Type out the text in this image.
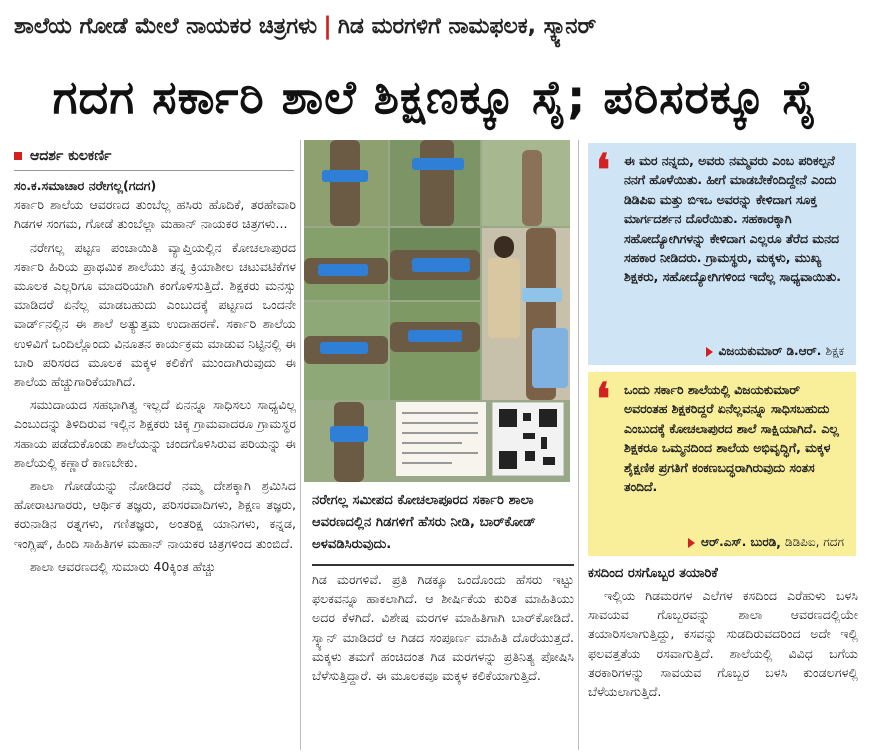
ಶಾಲೆಯ ಗೋಡೆ ಮೇಲೆ ನಾಯಕರ ಚಿತ್ರಗಳು | ಗಿಡ ಮರಗಳಿಗೆ ನಾಮಫಲಕ, ಸ್ಕ್ಯಾನರ್
ಗದಗ ಸರ್ಕಾರಿ ಶಾಲೆ ಶಿಕ್ಷಣಕ್ಕೂ ಸೈ; ಪರಿಸರಕ್ಕೂ ಸೈ
ಆದರ್ಶ ಕುಲಕರ್ಣಿ

ಸಂ.ಕ.ಸಮಾಚಾರ ನರೇಗಲ್ಲ(ಗದಗ)

ಸರ್ಕಾರಿ ಶಾಲೆಯ ಆವರಣದ ತುಂಬೆಲ್ಲ ಹಸಿರು ಹೊದಿಕೆ, ತರಹೇವಾರಿ ಗಿಡಗಳ ಸಂಗಮ, ಗೋಡೆ ತುಂಬೆಲ್ಲಾ ಮಹಾನ್ ನಾಯಕರ ಚಿತ್ರಗಳು...

ನರೇಗಲ್ಲ ಪಟ್ಟಣ ಪಂಚಾಯಿತಿ ವ್ಯಾಪ್ತಿಯಲ್ಲಿನ ಕೋಚಲಾಪುರದ ಸರ್ಕಾರಿ ಹಿರಿಯ ಪ್ರಾಥಮಿಕ ಶಾಲೆಯು ತನ್ನ ಕ್ರಿಯಾಶೀಲ ಚಟುವಟಿಕೆಗಳ ಮೂಲಕ ಎಲ್ಲರಿಗೂ ಮಾದರಿಯಾಗಿ ಕಂಗೊಳಿಸುತ್ತಿದೆ. ಶಿಕ್ಷಕರು ಮನಸ್ಸು ಮಾಡಿದರೆ ಏನೆಲ್ಲ ಮಾಡಬಹುದು ಎಂಬುದಕ್ಕೆ ಪಟ್ಟಣದ ಒಂದನೇ ವಾರ್ಡ್‌ನಲ್ಲಿನ ಈ ಶಾಲೆ ಅತ್ಯುತ್ತಮ ಉದಾಹರಣೆ. ಸರ್ಕಾರಿ ಶಾಲೆಯ ಉಳಿವಿಗೆ ಒಂದಿಲ್ಲೊಂದು ವಿನೂತನ ಕಾರ್ಯಕ್ರಮ ಮಾಡುವ ನಿಟ್ಟಿನಲ್ಲಿ ಈ ಬಾರಿ ಪರಿಸರದ ಮೂಲಕ ಮಕ್ಕಳ ಕಲಿಕೆಗೆ ಮುಂದಾಗಿರುವುದು ಈ ಶಾಲೆಯ ಹೆಚ್ಚುಗಾರಿಕೆಯಾಗಿದೆ.

ಸಮುದಾಯದ ಸಹಭಾಗಿತ್ವ ಇಲ್ಲದೆ ಏನನ್ನೂ ಸಾಧಿಸಲು ಸಾಧ್ಯವಿಲ್ಲ ಎಂಬುದನ್ನು ತಿಳಿದಿರುವ ಇಲ್ಲಿನ ಶಿಕ್ಷಕರು ಚಿಕ್ಕ ಗ್ರಾಮವಾದರೂ ಗ್ರಾಮಸ್ಥರ ಸಹಾಯ ಪಡೆದುಕೊಂಡು ಶಾಲೆಯನ್ನು ಚಂದಗೊಳಿಸಿರುವ ಪರಿಯನ್ನು ಈ ಶಾಲೆಯಲ್ಲಿ ಕಣ್ಣಾರೆ ಕಾಣಬೇಕು.

ಶಾಲಾ ಗೋಡೆಯನ್ನು ನೋಡಿದರೆ ನಮ್ಮ ದೇಶಕ್ಕಾಗಿ ಶ್ರಮಿಸಿದ ಹೋರಾಟಗಾರರು, ಆರ್ಥಿಕ ತಜ್ಞರು, ಪರಿಸರವಾದಿಗಳು, ಶಿಕ್ಷಣ ತಜ್ಞರು, ಕರುನಾಡಿನ ರತ್ನಗಳು, ಗಣಿತಜ್ಞರು, ಅಂತರಿಕ್ಷ ಯಾನಿಗಳು, ಕನ್ನಡ, ಇಂಗ್ಲಿಷ್, ಹಿಂದಿ ಸಾಹಿತಿಗಳ ಮಹಾನ್ ನಾಯಕರ ಚಿತ್ರಗಳಿಂದ ತುಂಬಿದೆ.

ಶಾಲಾ ಆವರಣದಲ್ಲಿ ಸುಮಾರು 40ಕ್ಕಿಂತ ಹೆಚ್ಚು

ನರೇಗಲ್ಲ ಸಮೀಪದ ಕೋಚಲಾಪೂರದ ಸರ್ಕಾರಿ ಶಾಲಾ ಆವರಣದಲ್ಲಿನ ಗಿಡಗಳಿಗೆ ಹೆಸರು ನೀಡಿ, ಬಾರ್‌ಕೋಡ್ ಅಳವಡಿಸಿರುವುದು.

ಗಿಡ ಮರಗಳಿವೆ. ಪ್ರತಿ ಗಿಡಕ್ಕೂ ಒಂದೊಂದು ಹೆಸರು ಇಟ್ಟು ಫಲಕವನ್ನೂ ಹಾಕಲಾಗಿದೆ. ಆ ಶೀರ್ಷಿಕೆಯ ಕುರಿತ ಮಾಹಿತಿಯು ಅದರ ಕೆಳಗಿದೆ. ವಿಶೇಷ ಮರಗಳ ಮಾಹಿತಿಗಾಗಿ ಬಾರ್‌ಕೋಡಿದೆ. ಸ್ಕ್ಯಾನ್ ಮಾಡಿದರೆ ಆ ಗಿಡದ ಸಂಪೂರ್ಣ ಮಾಹಿತಿ ದೊರೆಯುತ್ತದೆ. ಮಕ್ಕಳು ತಮಗೆ ಹಂಚಿದಂತ ಗಿಡ ಮರಗಳನ್ನು ಪ್ರತಿನಿತ್ಯ ಪೋಷಿಸಿ ಬೆಳೆಸುತ್ತಿದ್ದಾರೆ. ಈ ಮೂಲಕವೂ ಮಕ್ಕಳ ಕಲಿಕೆಯಾಗುತ್ತಿದೆ.

❛ ಈ ಮರ ನನ್ನದು, ಅವರು ನಮ್ಮವರು ಎಂಬ ಪರಿಕಲ್ಪನೆ ನನಗೆ ಹೊಳೆಯಿತು. ಹೀಗೆ ಮಾಡಬೇಕೆಂದಿದ್ದೇನೆ ಎಂದು ಡಿಡಿಪಿಐ ಮತ್ತು ಬಿಇಒ ಅವರನ್ನು ಕೇಳಿದಾಗ ಸೂಕ್ತ ಮಾರ್ಗದರ್ಶನ ದೊರೆಯಿತು. ಸಹಕಾರಕ್ಕಾಗಿ ಸಹೋದ್ಯೋಗಿಗಳನ್ನು ಕೇಳಿದಾಗ ಎಲ್ಲರೂ ತೆರೆದ ಮನದ ಸಹಕಾರ ನೀಡಿದರು. ಗ್ರಾಮಸ್ಥರು, ಮಕ್ಕಳು, ಮುಖ್ಯ ಶಿಕ್ಷಕರು, ಸಹೋದ್ಯೋಗಿಗಳಿಂದ ಇದೆಲ್ಲ ಸಾಧ್ಯವಾಯಿತು.

ವಿಜಯಕುಮಾರ್ ಡಿ.ಆರ್.
ಶಿಕ್ಷಕ
❛ ಒಂದು ಸರ್ಕಾರಿ ಶಾಲೆಯಲ್ಲಿ ವಿಜಯಕುಮಾರ್ ಅವರಂತಹ ಶಿಕ್ಷಕರಿದ್ದರೆ ಏನೆಲ್ಲವನ್ನೂ ಸಾಧಿಸಬಹುದು ಎಂಬುದಕ್ಕೆ ಕೋಚಲಾಪುರದ ಶಾಲೆ ಸಾಕ್ಷಿಯಾಗಿದೆ. ಎಲ್ಲ ಶಿಕ್ಷಕರೂ ಒಮ್ಮನದಿಂದ ಶಾಲೆಯ ಅಭಿವೃದ್ಧಿಗೆ, ಮಕ್ಕಳ ಶೈಕ್ಷಣಿಕ ಪ್ರಗತಿಗೆ ಕಂಕಣಬದ್ಧರಾಗಿರುವುದು ಸಂತಸ ತಂದಿದೆ.

ಆರ್.ಎಸ್. ಬುರಡಿ , ಡಿಡಿಪಿಐ, ಗದಗ
ಕಸದಿಂದ ರಸಗೊಬ್ಬರ ತಯಾರಿಕೆ

ಇಲ್ಲಿಯ ಗಿಡಮರಗಳ ಎಲೆಗಳ ಕಸದಿಂದ ಎರೆಹುಳು ಬಳಸಿ ಸಾವಯವ ಗೊಬ್ಬರವನ್ನು ಶಾಲಾ ಆವರಣದಲ್ಲಿಯೇ ತಯಾರಿಸಲಾಗುತ್ತಿದ್ದು, ಕಸವನ್ನು ಸುಡದಿರುವದರಿಂದ ಅದೇ ಇಲ್ಲಿ ಫಲವತ್ತತೆಯ ರಸವಾಗುತ್ತಿದೆ. ಶಾಲೆಯಲ್ಲಿ ವಿವಿಧ ಬಗೆಯ ತರಕಾರಿಗಳನ್ನು ಸಾವಯವ ಗೊಬ್ಬರ ಬಳಸಿ ಕುಂಡಲಗಳಲ್ಲಿ ಬೆಳೆಯಲಾಗುತ್ತಿದೆ.
